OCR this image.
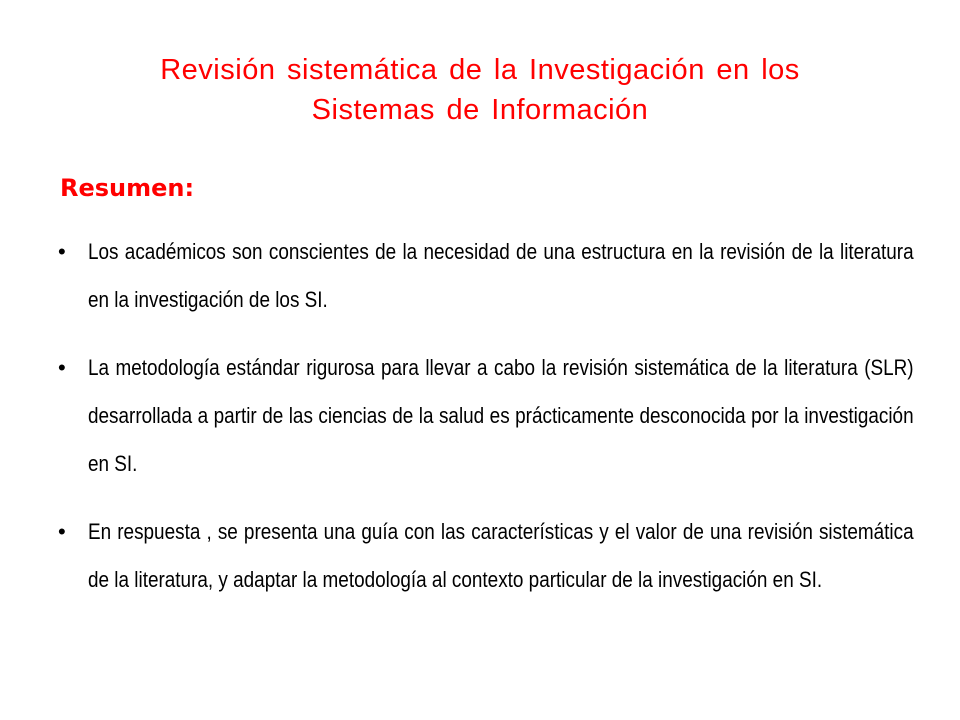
Revisión sistemática de la Investigación en los
Sistemas de Información
Resumen:
• Los académicos son conscientes de la necesidad de una estructura en la revisión de la literatura en la investigación de los SI.
• La metodología estándar rigurosa para llevar a cabo la revisión sistemática de la literatura (SLR) desarrollada a partir de las ciencias de la salud es prácticamente desconocida por la investigación en SI.
• En respuesta , se presenta una guía con las características y el valor de una revisión sistemática de la literatura, y adaptar la metodología al contexto particular de la investigación en SI.
